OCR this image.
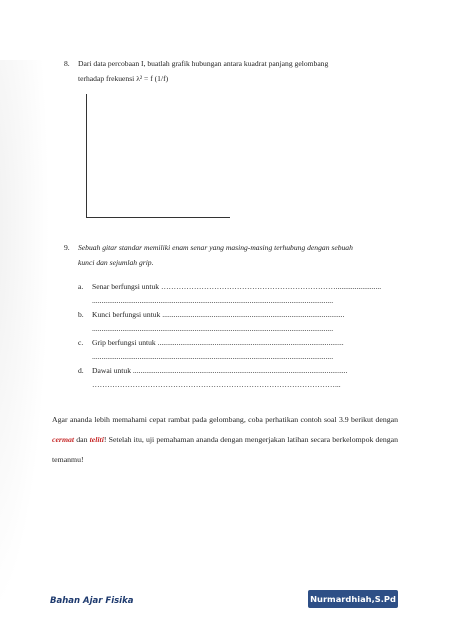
8. Dari data percobaan I, buatlah grafik hubungan antara kuadrat panjang gelombang
terhadap frekuensi λ² = f (1/f)
9. Sebuah gitar standar memiliki enam senar yang masing-masing terhubung dengan sebuah
kunci dan sejumlah grip.
a. Senar berfungsi untuk ……………………………………………………………........................
...............................................................................................................................
b. Kunci berfungsi untuk ................................................................................................
...............................................................................................................................
c. Grip berfungsi untuk ..................................................................................................
...............................................................................................................................
d. Dawai untuk .................................................................................................................
……………………………………………………………………………………...
Agar ananda lebih memahami cepat rambat pada gelombang, coba perhatikan contoh soal 3.9 berikut dengan cermat dan teliti! Setelah itu, uji pemahaman ananda dengan mengerjakan latihan secara berkelompok dengan temanmu!
Bahan Ajar Fisika	Nurmardhiah,S.Pd
